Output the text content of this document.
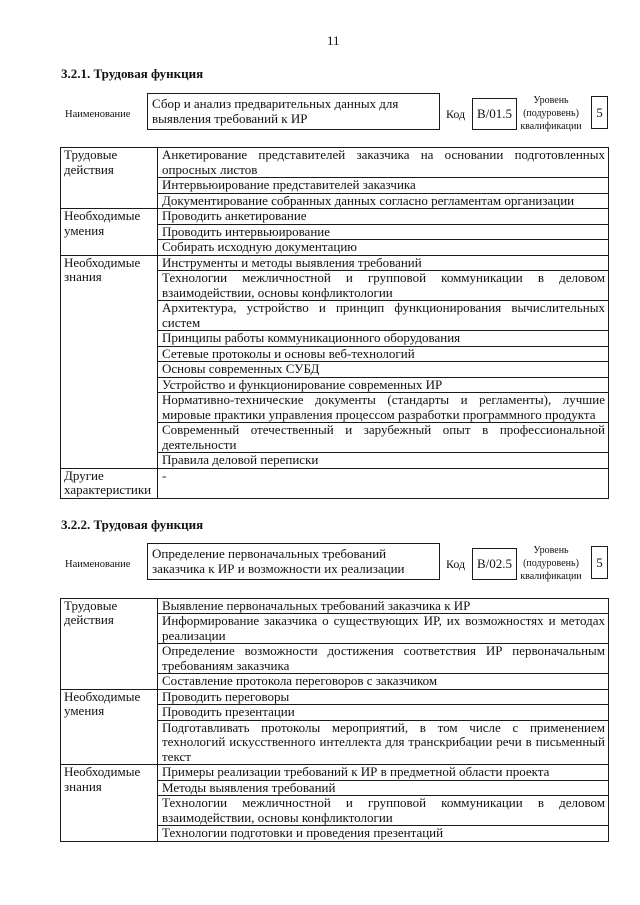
11
3.2.1. Трудовая функция
Наименование
Сбор и анализ предварительных данных для выявления требований к ИР	Код B/01.5
Уровень (подуровень) квалификации
5
Трудовые действия	Анкетирование представителей заказчика на основании подготовленных опросных листов
	Интервьюирование представителей заказчика
	Документирование собранных данных согласно регламентам организации
Необходимые умения	Проводить анкетирование
	Проводить интервьюирование
	Собирать исходную документацию
Необходимые знания	Инструменты и методы выявления требований
	Технологии межличностной и групповой коммуникации в деловом взаимодействии, основы конфликтологии
	Архитектура, устройство и принцип функционирования вычислительных систем
	Принципы работы коммуникационного оборудования
	Сетевые протоколы и основы веб-технологий
	Основы современных СУБД
	Устройство и функционирование современных ИР
	Нормативно-технические документы (стандарты и регламенты), лучшие мировые практики управления процессом разработки программного продукта
	Современный отечественный и зарубежный опыт в профессиональной деятельности
	Правила деловой переписки
Другие характеристики	-
3.2.2. Трудовая функция
Наименование
Определение первоначальных требований заказчика к ИР и возможности их реализации	Код B/02.5
Уровень (подуровень) квалификации
5
Трудовые действия	Выявление первоначальных требований заказчика к ИР
	Информирование заказчика о существующих ИР, их возможностях и методах реализации
	Определение возможности достижения соответствия ИР первоначальным требованиям заказчика
	Составление протокола переговоров с заказчиком
Необходимые умения	Проводить переговоры
	Проводить презентации
	Подготавливать протоколы мероприятий, в том числе с применением технологий искусственного интеллекта для транскрибации речи в письменный текст
Необходимые знания	Примеры реализации требований к ИР в предметной области проекта
	Методы выявления требований
	Технологии межличностной и групповой коммуникации в деловом взаимодействии, основы конфликтологии
	Технологии подготовки и проведения презентаций
